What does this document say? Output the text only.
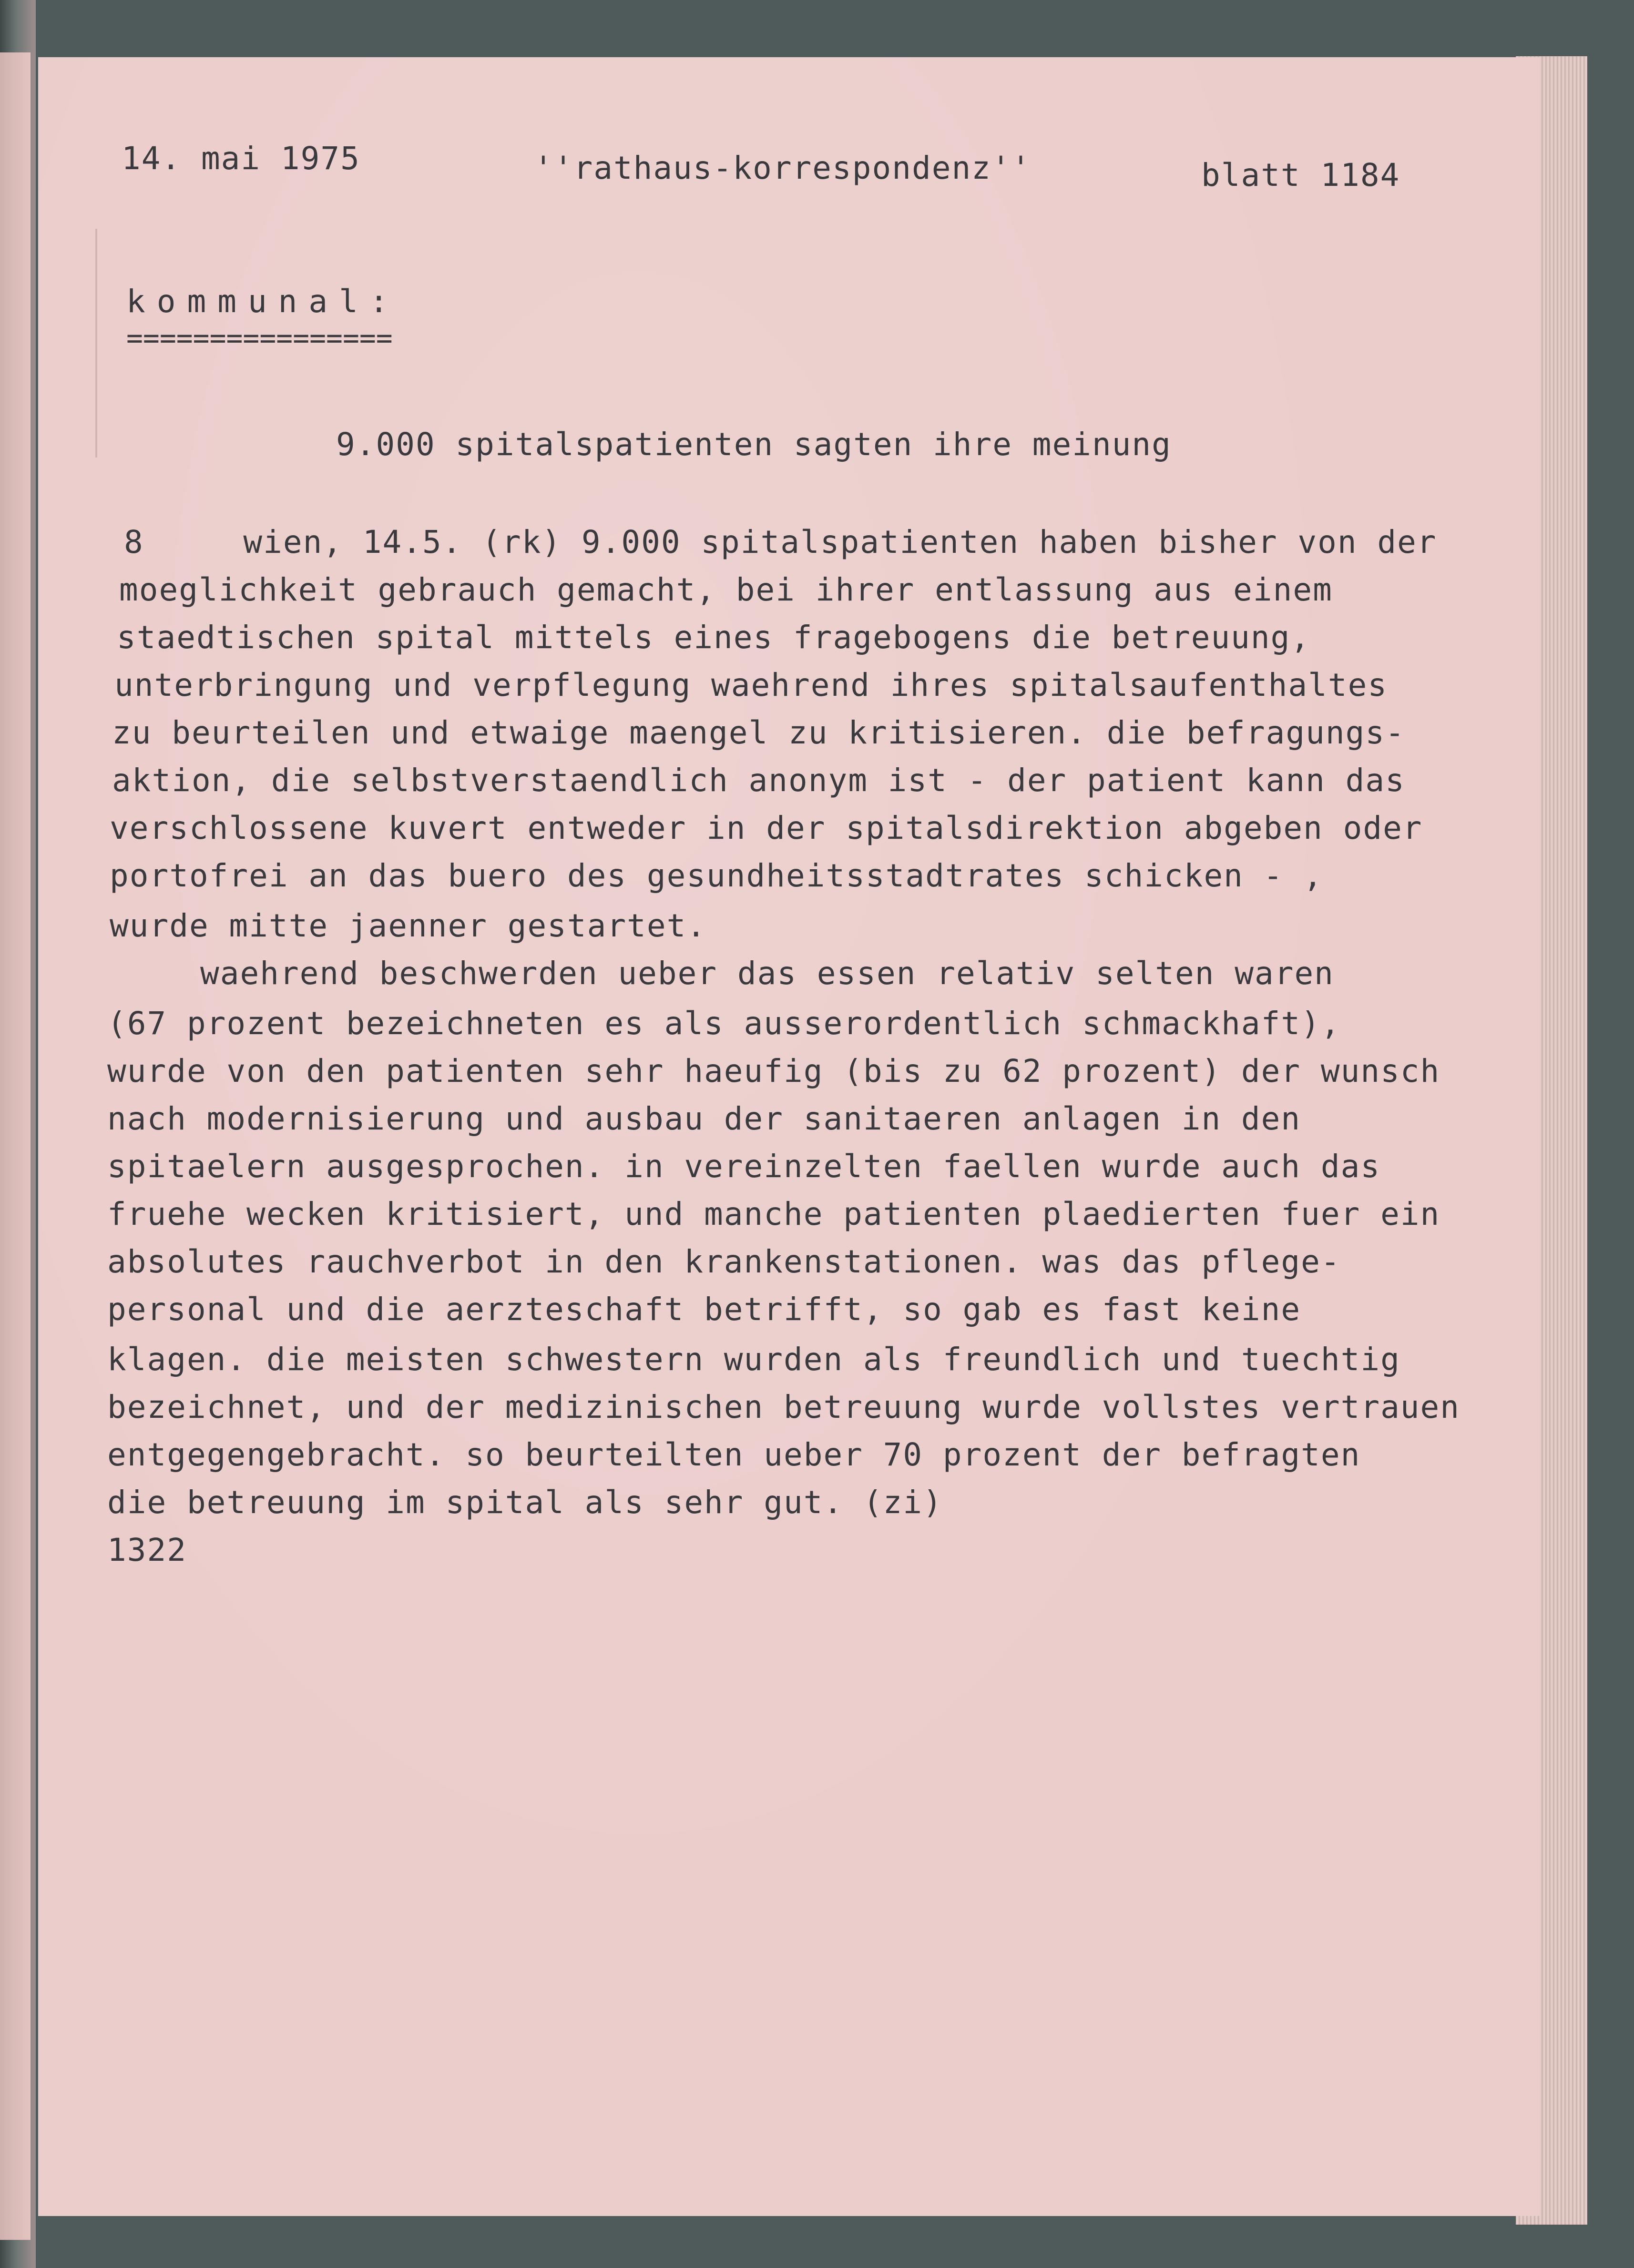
14. mai 1975	''rathaus-korrespondenz''	blatt 1184
kommunal:
================
9.000 spitalspatienten sagten ihre meinung
8     wien, 14.5. (rk) 9.000 spitalspatienten haben bisher von der
moeglichkeit gebrauch gemacht, bei ihrer entlassung aus einem
staedtischen spital mittels eines fragebogens die betreuung,
unterbringung und verpflegung waehrend ihres spitalsaufenthaltes
zu beurteilen und etwaige maengel zu kritisieren. die befragungs-
aktion, die selbstverstaendlich anonym ist - der patient kann das
verschlossene kuvert entweder in der spitalsdirektion abgeben oder
portofrei an das buero des gesundheitsstadtrates schicken - ,
wurde mitte jaenner gestartet.
waehrend beschwerden ueber das essen relativ selten waren
(67 prozent bezeichneten es als ausserordentlich schmackhaft),
wurde von den patienten sehr haeufig (bis zu 62 prozent) der wunsch
nach modernisierung und ausbau der sanitaeren anlagen in den
spitaelern ausgesprochen. in vereinzelten faellen wurde auch das
fruehe wecken kritisiert, und manche patienten plaedierten fuer ein
absolutes rauchverbot in den krankenstationen. was das pflege-
personal und die aerzteschaft betrifft, so gab es fast keine
klagen. die meisten schwestern wurden als freundlich und tuechtig
bezeichnet, und der medizinischen betreuung wurde vollstes vertrauen
entgegengebracht. so beurteilten ueber 70 prozent der befragten
die betreuung im spital als sehr gut. (zi)
1322
